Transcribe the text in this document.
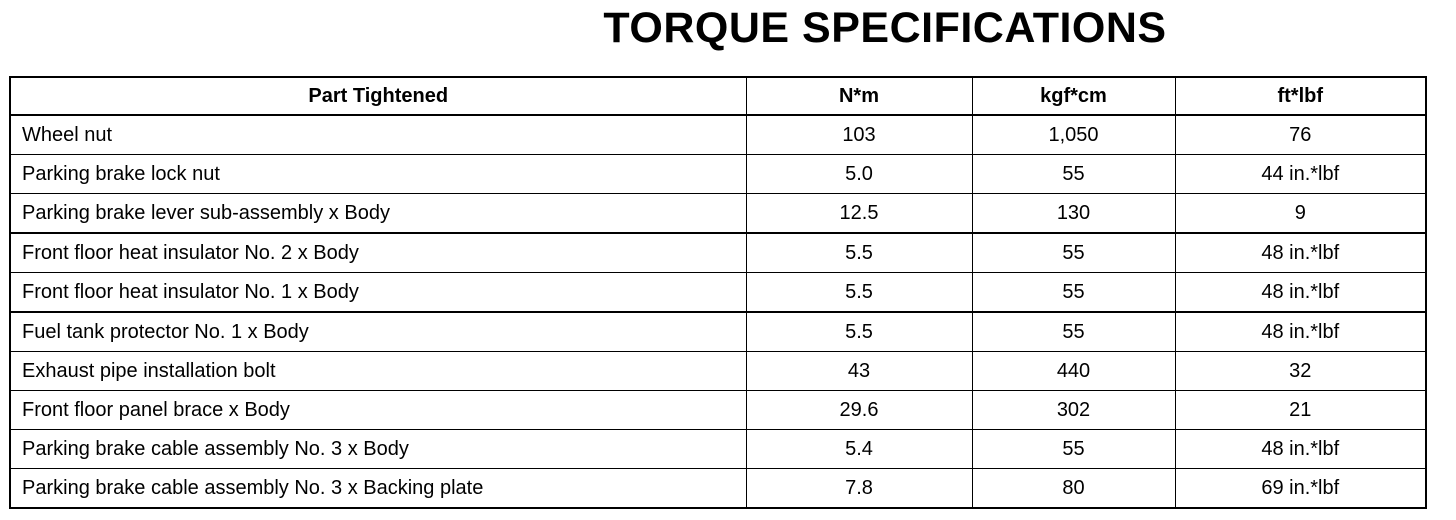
TORQUE SPECIFICATIONS
Part Tightened	N*m	kgf*cm	ft*lbf
Wheel nut	103	1,050	76
Parking brake lock nut	5.0	55	44 in.*lbf
Parking brake lever sub-assembly x Body	12.5	130	9
Front floor heat insulator No. 2 x Body	5.5	55	48 in.*lbf
Front floor heat insulator No. 1 x Body	5.5	55	48 in.*lbf
Fuel tank protector No. 1 x Body	5.5	55	48 in.*lbf
Exhaust pipe installation bolt	43	440	32
Front floor panel brace x Body	29.6	302	21
Parking brake cable assembly No. 3 x Body	5.4	55	48 in.*lbf
Parking brake cable assembly No. 3 x Backing plate	7.8	80	69 in.*lbf
